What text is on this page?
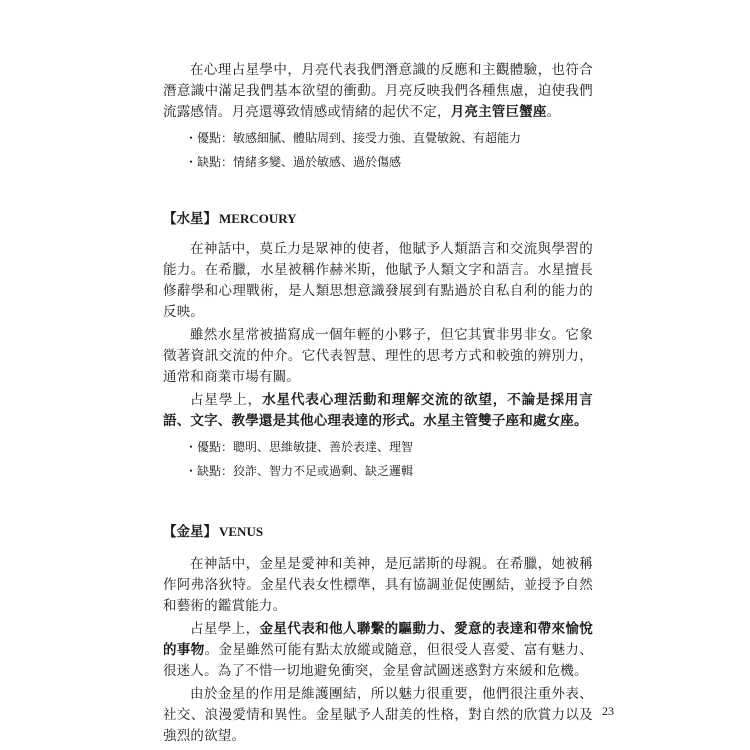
在心理占星學中，月亮代表我們潛意識的反應和主觀體驗，也符合潛意識中滿足我們基本欲望的衝動。月亮反映我們各種焦慮，迫使我們流露感情。月亮還導致情感或情緒的起伏不定，月亮主管巨蟹座。

・優點：敏感細膩、體貼周到、接受力強、直覺敏銳、有超能力
・缺點：情緒多變、過於敏感、過於傷感
【水星】 MERCOURY

在神話中，莫丘力是眾神的使者，他賦予人類語言和交流與學習的能力。在希臘，水星被稱作赫米斯，他賦予人類文字和語言。水星擅長修辭學和心理戰術，是人類思想意識發展到有點過於自私自利的能力的反映。

雖然水星常被描寫成一個年輕的小夥子，但它其實非男非女。它象徵著資訊交流的仲介。它代表智慧、理性的思考方式和較強的辨別力，通常和商業市場有關。

占星學上，水星代表心理活動和理解交流的欲望，不論是採用言語、文字、教學還是其他心理表達的形式。水星主管雙子座和處女座。

・優點：聰明、思維敏捷、善於表達、理智
・缺點：狡詐、智力不足或過剩、缺乏邏輯
【金星】 VENUS

在神話中，金星是愛神和美神，是厄諾斯的母親。在希臘，她被稱作阿弗洛狄特。金星代表女性標準，具有協調並促使團結，並授予自然和藝術的鑑賞能力。

占星學上，金星代表和他人聯繫的驅動力、愛意的表達和帶來愉悅的事物。金星雖然可能有點太放縱或隨意，但很受人喜愛、富有魅力、很迷人。為了不惜一切地避免衝突，金星會試圖迷惑對方來緩和危機。

由於金星的作用是維護團結，所以魅力很重要，他們很注重外表、社交、浪漫愛情和異性。金星賦予人甜美的性格，對自然的欣賞力以及強烈的欲望。

23
